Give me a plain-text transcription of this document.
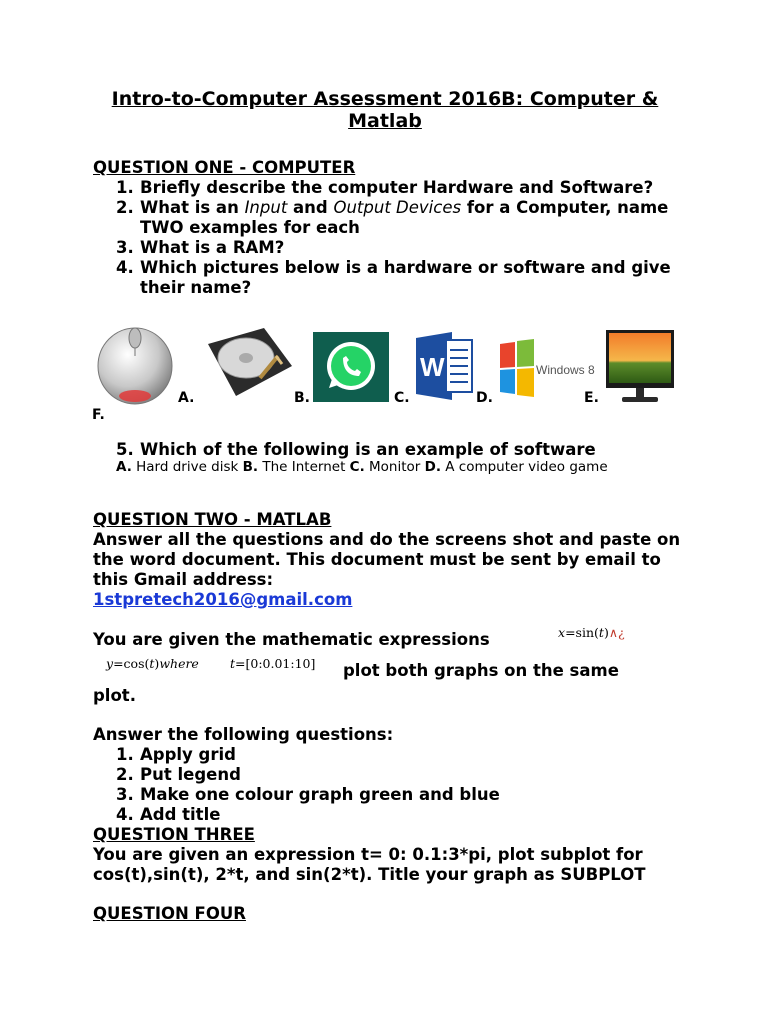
Intro-to-Computer Assessment 2016B: Computer & Matlab
QUESTION ONE - COMPUTER
1. Briefly describe the computer Hardware and Software?
2. What is an Input and Output Devices for a Computer, name TWO examples for each
3. What is a RAM?
4. Which pictures below is a hardware or software and give their name?
A.	B.	C.
W
D.
Windows 8
E.
F.
5. Which of the following is an example of software
A. Hard drive disk B. The Internet C. Monitor D. A computer video game
QUESTION TWO - MATLAB
Answer all the questions and do the screens shot and paste on the word document. This document must be sent by email to this Gmail address:
1stpretech2016@gmail.com
You are given the mathematic expressions	x=sin(t)∧¿
y=cos(t)where t=[0:0.01:10] plot both graphs on the same
plot.
Answer the following questions:
1. Apply grid
2. Put legend
3. Make one colour graph green and blue
4. Add title
QUESTION THREE
You are given an expression t= 0: 0.1:3*pi, plot subplot for cos(t),sin(t), 2*t, and sin(2*t). Title your graph as SUBPLOT
QUESTION FOUR
